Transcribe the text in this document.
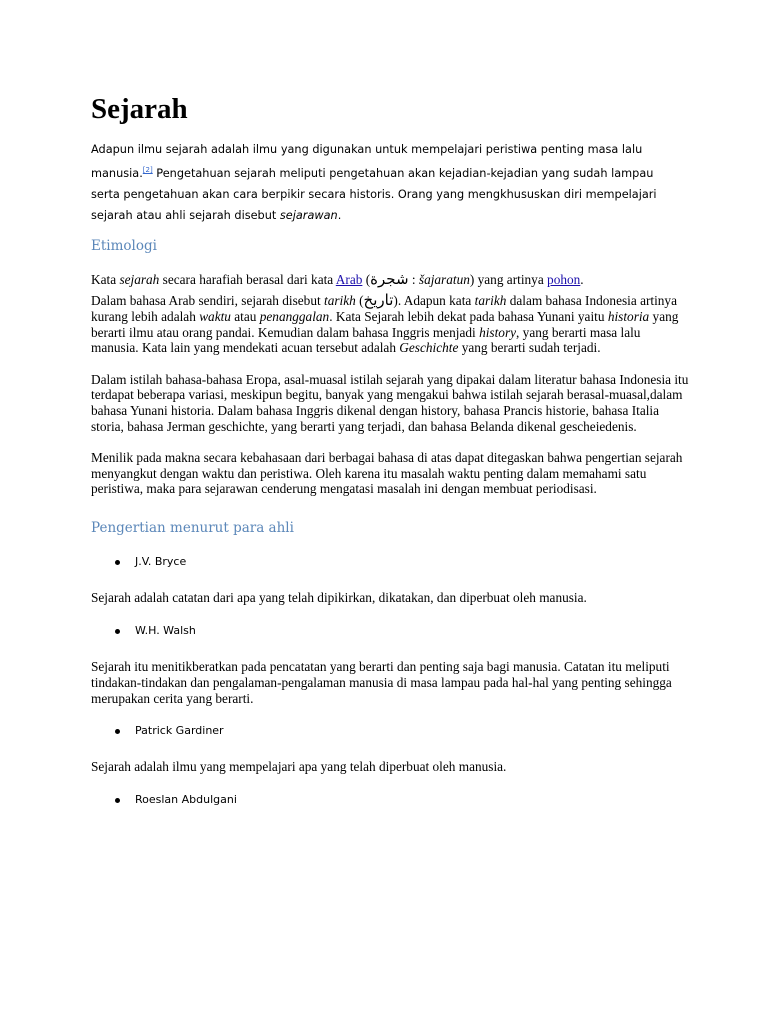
Sejarah

Adapun ilmu sejarah adalah ilmu yang digunakan untuk mempelajari peristiwa penting masa lalu manusia.[2] Pengetahuan sejarah meliputi pengetahuan akan kejadian-kejadian yang sudah lampau serta pengetahuan akan cara berpikir secara historis. Orang yang mengkhususkan diri mempelajari sejarah atau ahli sejarah disebut sejarawan.

Etimologi

Kata sejarah secara harafiah berasal dari kata Arab (شجرة : šajaratun) yang artinya pohon.

Dalam bahasa Arab sendiri, sejarah disebut tarikh (تاريخ). Adapun kata tarikh dalam bahasa Indonesia artinya kurang lebih adalah waktu atau penanggalan. Kata Sejarah lebih dekat pada bahasa Yunani yaitu historia yang berarti ilmu atau orang pandai. Kemudian dalam bahasa Inggris menjadi history, yang berarti masa lalu manusia. Kata lain yang mendekati acuan tersebut adalah Geschichte yang berarti sudah terjadi.

Dalam istilah bahasa-bahasa Eropa, asal-muasal istilah sejarah yang dipakai dalam literatur bahasa Indonesia itu terdapat beberapa variasi, meskipun begitu, banyak yang mengakui bahwa istilah sejarah berasal-muasal,dalam bahasa Yunani historia. Dalam bahasa Inggris dikenal dengan history, bahasa Prancis historie, bahasa Italia storia, bahasa Jerman geschichte, yang berarti yang terjadi, dan bahasa Belanda dikenal gescheiedenis.

Menilik pada makna secara kebahasaan dari berbagai bahasa di atas dapat ditegaskan bahwa pengertian sejarah menyangkut dengan waktu dan peristiwa. Oleh karena itu masalah waktu penting dalam memahami satu peristiwa, maka para sejarawan cenderung mengatasi masalah ini dengan membuat periodisasi.

Pengertian menurut para ahli
J.V. Bryce

Sejarah adalah catatan dari apa yang telah dipikirkan, dikatakan, dan diperbuat oleh manusia.

W.H. Walsh

Sejarah itu menitikberatkan pada pencatatan yang berarti dan penting saja bagi manusia. Catatan itu meliputi tindakan-tindakan dan pengalaman-pengalaman manusia di masa lampau pada hal-hal yang penting sehingga merupakan cerita yang berarti.

Patrick Gardiner

Sejarah adalah ilmu yang mempelajari apa yang telah diperbuat oleh manusia.

Roeslan Abdulgani
